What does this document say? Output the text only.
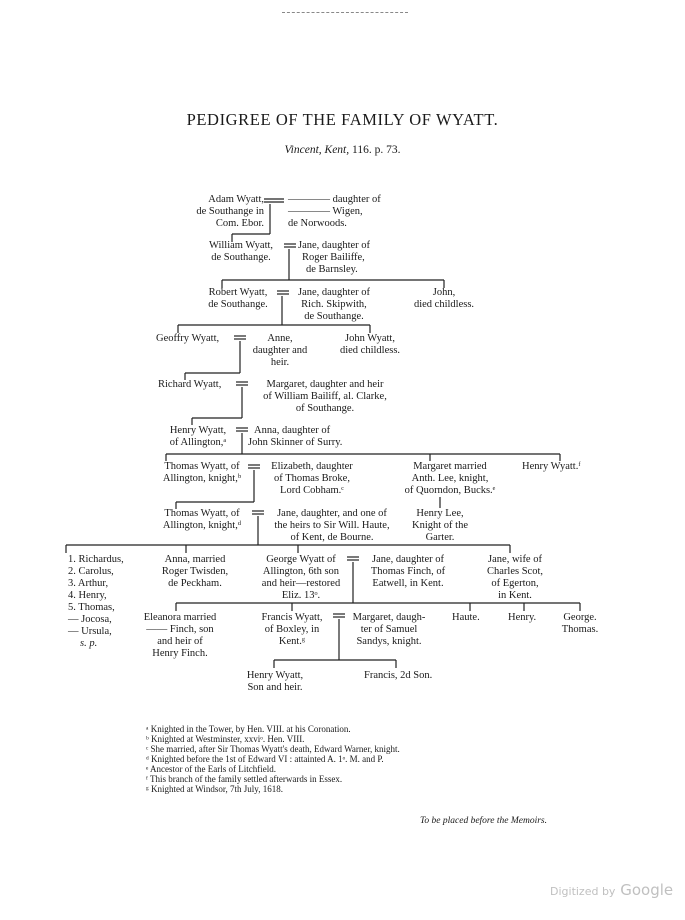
PEDIGREE OF THE FAMILY OF WYATT.
Vincent, Kent, 116. p. 73.
Adam Wyatt,
de Southange in
Com. Ebor.
———— daughter of
———— Wigen,
de Norwoods.
William Wyatt,
de Southange.
Jane, daughter of
Roger Bailiffe,
de Barnsley.
Robert Wyatt,
de Southange.
Jane, daughter of
Rich. Skipwith,
de Southange.
John,
died childless.
Geoffry Wyatt,	Anne,
daughter and
heir.
John Wyatt,
died childless.
Richard Wyatt,	Margaret, daughter and heir
of William Bailiff, al. Clarke,
of Southange.
Henry Wyatt,
of Allington,ᵃ
Anna, daughter of
John Skinner of Surry.
Thomas Wyatt, of
Allington, knight,ᵇ
Elizabeth, daughter
of Thomas Broke,
Lord Cobham.ᶜ
Margaret married
Anth. Lee, knight,
of Quorndon, Bucks.ᵉ
Henry Wyatt.ᶠ
Thomas Wyatt, of
Allington, knight,ᵈ
Jane, daughter, and one of
the heirs to Sir Will. Haute,
of Kent, de Bourne.
Henry Lee,
Knight of the
Garter.
1. Richardus,
2. Carolus,
3. Arthur,
4. Henry,
5. Thomas,
— Jocosa,
— Ursula,
s. p.
Anna, married
Roger Twisden,
de Peckham.
George Wyatt of
Allington, 6th son
and heir—restored
Eliz. 13ᵒ.
Jane, daughter of
Thomas Finch, of
Eatwell, in Kent.
Jane, wife of
Charles Scot,
of Egerton,
in Kent.
Eleanora married
—— Finch, son
and heir of
Henry Finch.
Francis Wyatt,
of Boxley, in
Kent.ᵍ
Margaret, daugh-
ter of Samuel
Sandys, knight.
Haute.	Henry.	George.
Thomas.
Henry Wyatt,
Son and heir.
Francis, 2d Son.
ᵃ Knighted in the Tower, by Hen. VIII. at his Coronation.
ᵇ Knighted at Westminster, xxviᵒ. Hen. VIII.
ᶜ She married, after Sir Thomas Wyatt's death, Edward Warner, knight.
ᵈ Knighted before the 1st of Edward VI : attainted A. 1ᵒ. M. and P.
ᵉ Ancestor of the Earls of Litchfield.
ᶠ This branch of the family settled afterwards in Essex.
ᵍ Knighted at Windsor, 7th July, 1618.
To be placed before the Memoirs.
Digitized by Google
